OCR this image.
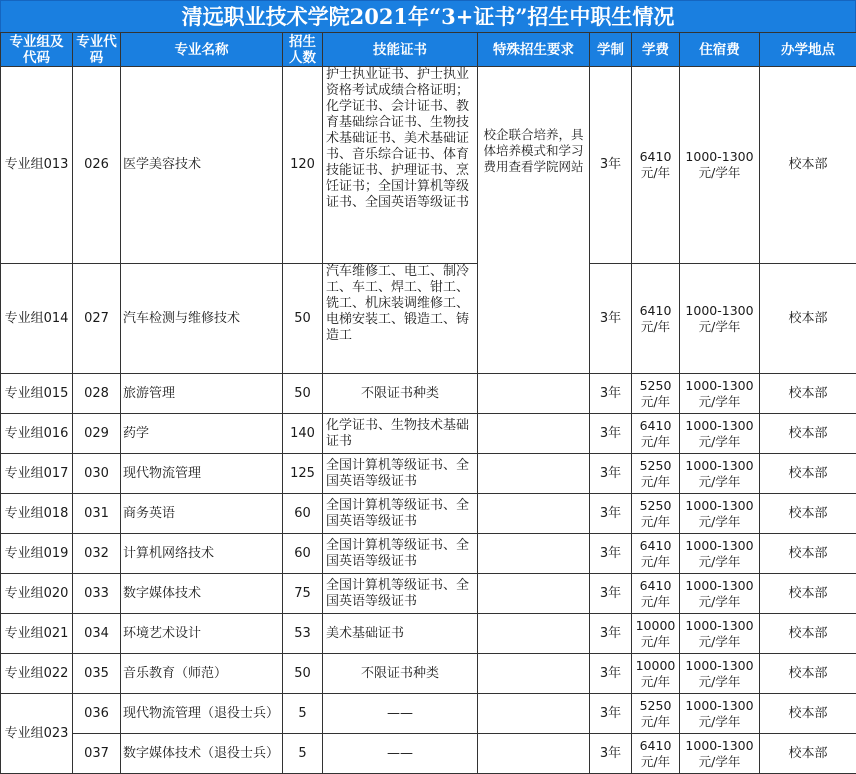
清远职业技术学院2021年“3+证书”招生中职生情况
专业组及代码	专业代码	专业名称	招生人数	技能证书	特殊招生要求	学制	学费	住宿费	办学地点
专业组013	026	医学美容技术	120	护士执业证书、护士执业资格考试成绩合格证明；化学证书、会计证书、教育基础综合证书、生物技术基础证书、美术基础证书、音乐综合证书、体育技能证书、护理证书、烹饪证书；全国计算机等级证书、全国英语等级证书	校企联合培养，具体培养模式和学习费用查看学院网站	3年	6410元/年	1000-1300元/学年	校本部
专业组014	027	汽车检测与维修技术	50	汽车维修工、电工、制冷工、车工、焊工、钳工、铣工、机床装调维修工、电梯安装工、锻造工、铸造工		3年	6410元/年	1000-1300元/学年	校本部
专业组015	028	旅游管理	50	不限证书种类		3年	5250元/年	1000-1300元/学年	校本部
专业组016	029	药学	140	化学证书、生物技术基础证书		3年	6410元/年	1000-1300元/学年	校本部
专业组017	030	现代物流管理	125	全国计算机等级证书、全国英语等级证书		3年	5250元/年	1000-1300元/学年	校本部
专业组018	031	商务英语	60	全国计算机等级证书、全国英语等级证书		3年	5250元/年	1000-1300元/学年	校本部
专业组019	032	计算机网络技术	60	全国计算机等级证书、全国英语等级证书		3年	6410元/年	1000-1300元/学年	校本部
专业组020	033	数字媒体技术	75	全国计算机等级证书、全国英语等级证书		3年	6410元/年	1000-1300元/学年	校本部
专业组021	034	环境艺术设计	53	美术基础证书		3年	10000元/年	1000-1300元/学年	校本部
专业组022	035	音乐教育（师范）	50	不限证书种类		3年	10000元/年	1000-1300元/学年	校本部
专业组023	036	现代物流管理（退役士兵）	5	——		3年	5250元/年	1000-1300元/学年	校本部
	037	数字媒体技术（退役士兵）	5	——		3年	6410元/年	1000-1300元/学年	校本部
